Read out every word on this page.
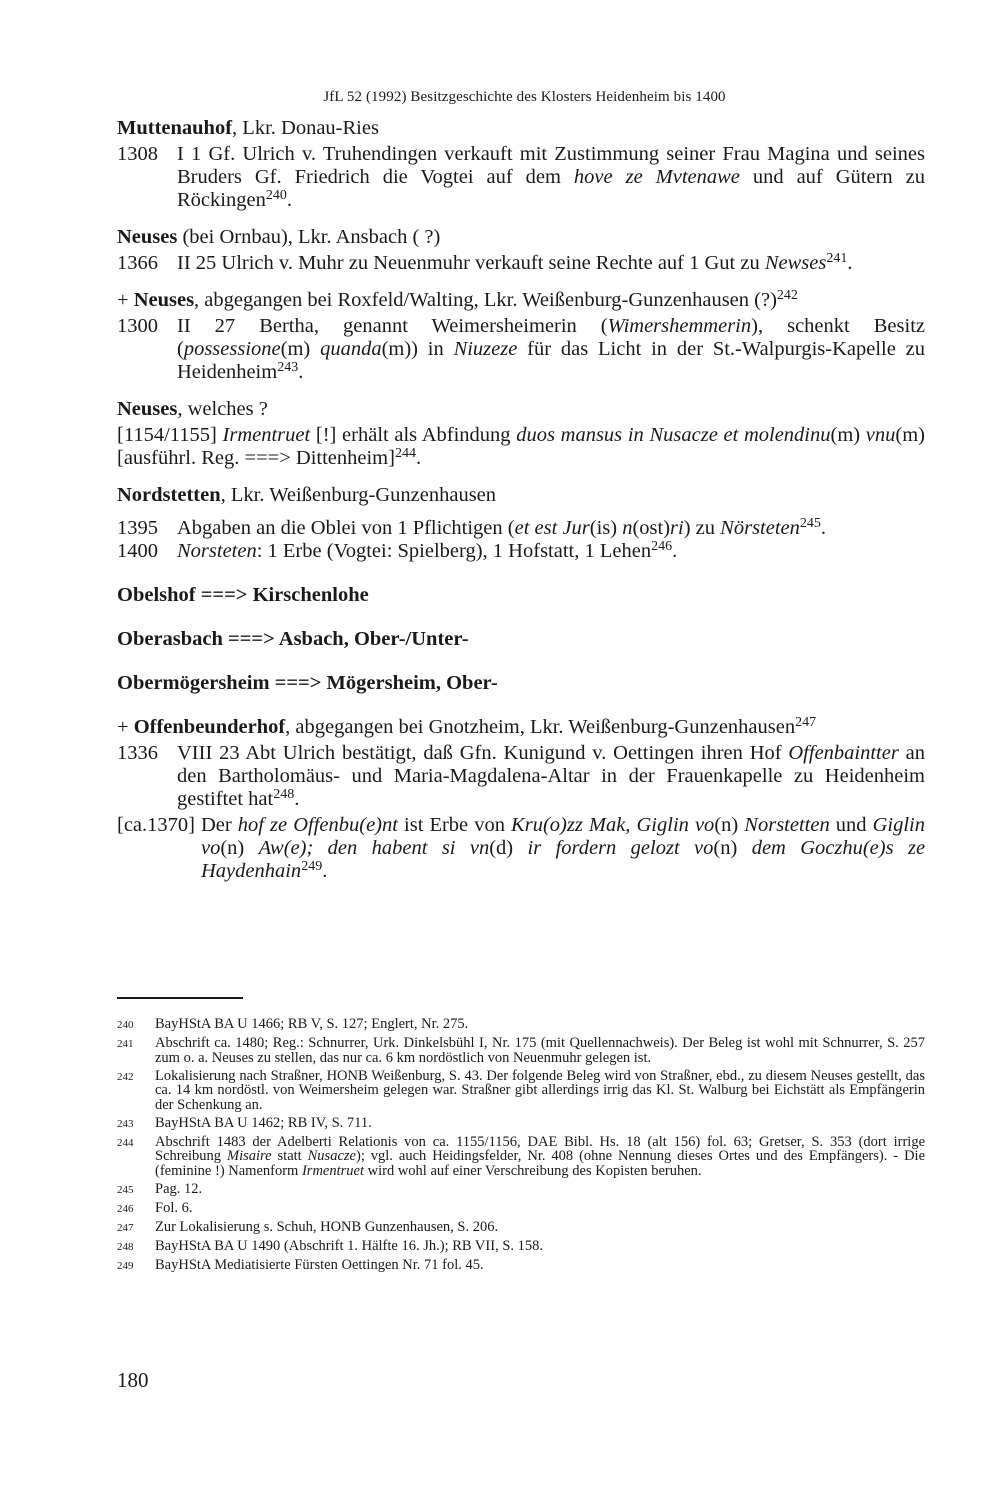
JfL 52 (1992) Besitzgeschichte des Klosters Heidenheim bis 1400
Muttenauhof, Lkr. Donau-Ries
1308 I 1 Gf. Ulrich v. Truhendingen verkauft mit Zustimmung seiner Frau Magina und seines Bruders Gf. Friedrich die Vogtei auf dem hove ze Mvtenawe und auf Gütern zu Röckingen$^{240}$.
Neuses (bei Ornbau), Lkr. Ansbach ( ?)
1366 II 25 Ulrich v. Muhr zu Neuenmuhr verkauft seine Rechte auf 1 Gut zu Newses$^{241}$.
+ Neuses, abgegangen bei Roxfeld/Walting, Lkr. Weißenburg-Gunzenhausen (?)$^{242}$
1300 II 27 Bertha, genannt Weimersheimerin (Wimershemmerin), schenkt Besitz (possessione(m) quanda(m)) in Niuzeze für das Licht in der St.-Walpurgis-Kapelle zu Heidenheim$^{243}$.
Neuses, welches ?
[1154/1155] Irmentruet [!] erhält als Abfindung duos mansus in Nusacze et molendinu(m) vnu(m) [ausführl. Reg. ===> Dittenheim]$^{244}$.
Nordstetten, Lkr. Weißenburg-Gunzenhausen
1395 Abgaben an die Oblei von 1 Pflichtigen (et est Jur(is) n(ost)ri) zu Nörsteten$^{245}$.
1400 Norsteten: 1 Erbe (Vogtei: Spielberg), 1 Hofstatt, 1 Lehen$^{246}$.
Obelshof ===> Kirschenlohe
Oberasbach ===> Asbach, Ober-/Unter-
Obermögersheim ===> Mögersheim, Ober-
+ Offenbeunderhof, abgegangen bei Gnotzheim, Lkr. Weißenburg-Gunzenhausen$^{247}$
1336 VIII 23 Abt Ulrich bestätigt, daß Gfn. Kunigund v. Oettingen ihren Hof Offenbaintter an den Bartholomäus- und Maria-Magdalena-Altar in der Frauenkapelle zu Heidenheim gestiftet hat$^{248}$.
[ca.1370] Der hof ze Offenbu(e)nt ist Erbe von Kru(o)zz Mak, Giglin vo(n) Norstetten und Giglin vo(n) Aw(e); den habent si vn(d) ir fordern gelozt vo(n) dem Goczhu(e)s ze Haydenhain$^{249}$.
240	BayHStA BA U 1466; RB V, S. 127; Englert, Nr. 275.
241	Abschrift ca. 1480; Reg.: Schnurrer, Urk. Dinkelsbühl I, Nr. 175 (mit Quellennachweis). Der Beleg ist wohl mit Schnurrer, S. 257 zum o. a. Neuses zu stellen, das nur ca. 6 km nordöstlich von Neuenmuhr gelegen ist.
242	Lokalisierung nach Straßner, HONB Weißenburg, S. 43. Der folgende Beleg wird von Straßner, ebd., zu diesem Neuses gestellt, das ca. 14 km nordöstl. von Weimersheim gelegen war. Straßner gibt allerdings irrig das Kl. St. Walburg bei Eichstätt als Empfängerin der Schenkung an.
243	BayHStA BA U 1462; RB IV, S. 711.
244	Abschrift 1483 der Adelberti Relationis von ca. 1155/1156, DAE Bibl. Hs. 18 (alt 156) fol. 63; Gretser, S. 353 (dort irrige Schreibung Misaire statt Nusacze); vgl. auch Heidingsfelder, Nr. 408 (ohne Nennung dieses Ortes und des Empfängers). - Die (feminine !) Namenform Irmentruet wird wohl auf einer Verschreibung des Kopisten beruhen.
245	Pag. 12.
246	Fol. 6.
247	Zur Lokalisierung s. Schuh, HONB Gunzenhausen, S. 206.
248	BayHStA BA U 1490 (Abschrift 1. Hälfte 16. Jh.); RB VII, S. 158.
249	BayHStA Mediatisierte Fürsten Oettingen Nr. 71 fol. 45.
180
